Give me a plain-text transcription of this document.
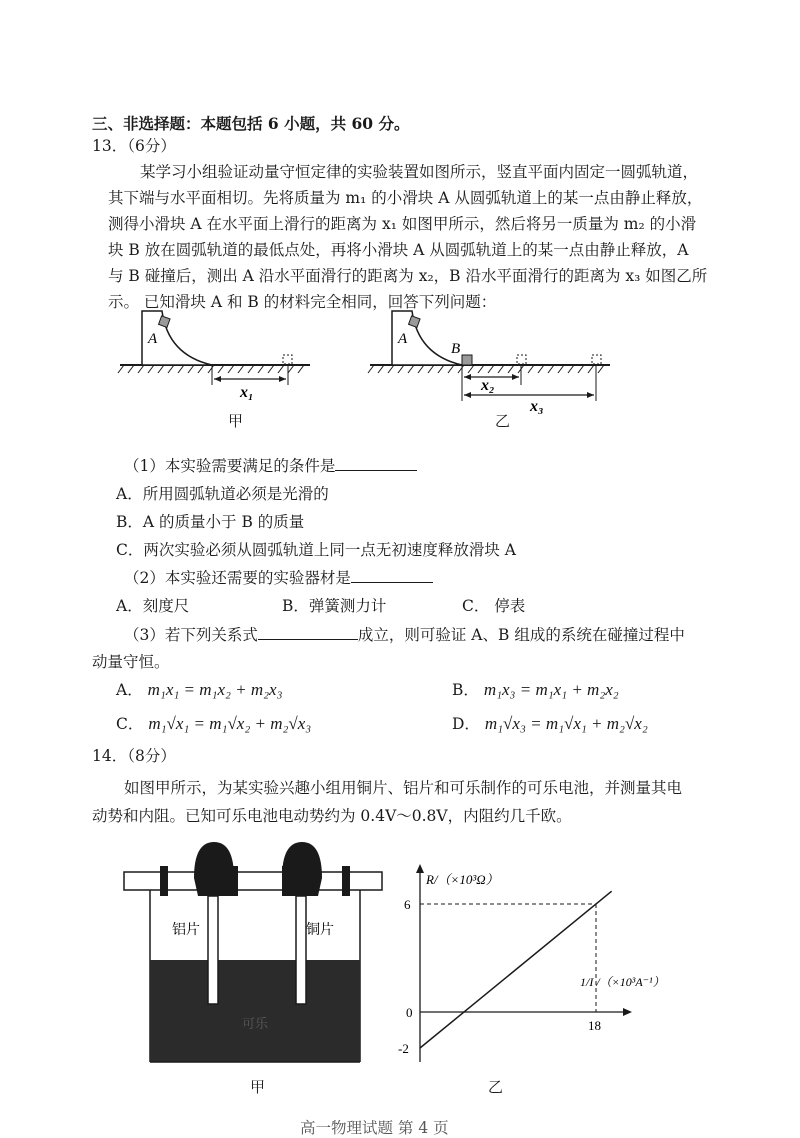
三、非选择题：本题包括 6 小题，共 60 分。
13．（6分）
某学习小组验证动量守恒定律的实验装置如图所示，竖直平面内固定一圆弧轨道，
其下端与水平面相切。先将质量为 m₁ 的小滑块 A 从圆弧轨道上的某一点由静止释放，
测得小滑块 A 在水平面上滑行的距离为 x₁ 如图甲所示，然后将另一质量为 m₂ 的小滑
块 B 放在圆弧轨道的最低点处，再将小滑块 A 从圆弧轨道上的某一点由静止释放，A
与 B 碰撞后，测出 A 沿水平面滑行的距离为 x₂，B 沿水平面滑行的距离为 x₃ 如图乙所
示。 已知滑块 A 和 B 的材料完全相同，回答下列问题：
A
x₁
A
B
x₂
x₃
甲	乙
（1）本实验需要满足的条件是
A．所用圆弧轨道必须是光滑的
B．A 的质量小于 B 的质量
C．两次实验必须从圆弧轨道上同一点无初速度释放滑块 A
（2）本实验还需要的实验器材是
A．刻度尺	B．弹簧测力计	C． 停表
（3）若下列关系式	成立，则可验证 A、B 组成的系统在碰撞过程中
动量守恒。
A． m₁x₁ = m₁x₂ + m₂x₃	B． m₁x₃ = m₁x₁ + m₂x₂
C． m₁√x₁ = m₁√x₂ + m₂√x₃	D． m₁√x₃ = m₁√x₁ + m₂√x₂
14．（8分）
如图甲所示，为某实验兴趣小组用铜片、铝片和可乐制作的可乐电池，并测量其电
动势和内阻。已知可乐电池电动势约为 0.4V～0.8V，内阻约几千欧。
铝片	铜片
可乐
甲
R/（×10³Ω）
1/I /（×10³A⁻¹）
0
18
6
-2
乙
高一物理试题 第 4 页
